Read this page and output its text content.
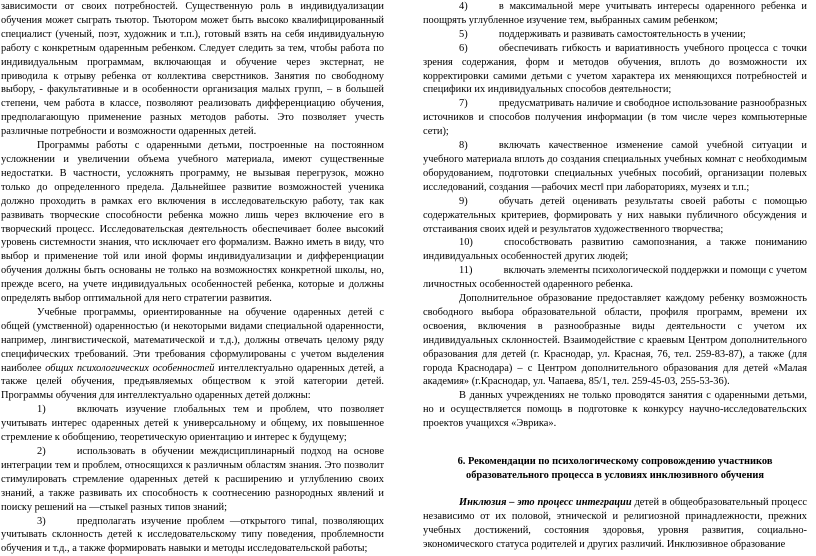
зависимости от своих потребностей. Существенную роль в индивидуализации обучения может сыграть тьютор. Тьютором может быть высоко квалифицированный специалист (ученый, поэт, художник и т.п.), готовый взять на себя индивидуальную работу с конкретным одаренным ребенком. Следует следить за тем, чтобы работа по индивидуальным программам, включающая и обучение через экстернат, не приводила к отрыву ребенка от коллектива сверстников. Занятия по свободному выбору, - факультативные и в особенности организация малых групп, – в большей степени, чем работа в классе, позволяют реализовать дифференциацию обучения, предполагающую применение разных методов работы. Это позволяет учесть различные потребности и возможности одаренных детей.

Программы работы с одаренными детьми, построенные на постоянном усложнении и увеличении объема учебного материала, имеют существенные недостатки. В частности, усложнять программу, не вызывая перегрузок, можно только до определенного предела. Дальнейшее развитие возможностей ученика должно проходить в рамках его включения в исследовательскую работу, так как развивать творческие способности ребенка можно лишь через включение его в творческий процесс. Исследовательская деятельность обеспечивает более высокий уровень системности знания, что исключает его формализм. Важно иметь в виду, что выбор и применение той или иной формы индивидуализации и дифференциации обучения должны быть основаны не только на возможностях конкретной школы, но, прежде всего, на учете индивидуальных особенностей ребенка, которые и должны определять выбор оптимальной для него стратегии развития.

Учебные программы, ориентированные на обучение одаренных детей с общей (умственной) одаренностью (и некоторыми видами специальной одаренности, например, лингвистической, математической и т.д.), должны отвечать целому ряду специфических требований. Эти требования сформулированы с учетом выделения наиболее общих психологических особенностей интеллектуально одаренных детей, а также целей обучения, предъявляемых обществом к этой категории детей. Программы обучения для интеллектуально одаренных детей должны:

1)   	включать изучение глобальных тем и проблем, что позволяет учитывать интерес одаренных детей к универсальному и общему, их повышенное стремление к обобщению, теоретическую ориентацию и интерес к будущему;

2)   	использовать в обучении междисциплинарный подход на основе интеграции тем и проблем, относящихся к различным областям знания. Это позволит стимулировать стремление одаренных детей к расширению и углублению своих знаний, а также развивать их способность к соотнесению разнородных явлений и поиску решений на ―стыке‖ разных типов знаний;

3)   	предполагать изучение проблем ―открытого типа‖, позволяющих учитывать склонность детей к исследовательскому типу поведения, проблемности обучения и т.д., а также формировать навыки и методы исследовательской работы;

4)   	в максимальной мере учитывать интересы одаренного ребенка и поощрять углубленное изучение тем, выбранных самим ребенком;

5)   	поддерживать и развивать самостоятельность в учении;

6)   	обеспечивать гибкость и вариативность учебного процесса с точки зрения содержания, форм и методов обучения, вплоть до возможности их корректировки самими детьми с учетом характера их меняющихся потребностей и специфики их индивидуальных способов деятельности;

7)   	предусматривать наличие и свободное использование разнообразных источников и способов получения информации (в том числе через компьютерные сети);

8)   	включать качественное изменение самой учебной ситуации и учебного материала вплоть до создания специальных учебных комнат с необходимым оборудованием, подготовки специальных учебных пособий, организации полевых исследований, создания ―рабочих мест‖ при лабораториях, музеях и т.п.;

9)   	обучать детей оценивать результаты своей работы с помощью содержательных критериев, формировать у них навыки публичного обсуждения и отстаивания своих идей и результатов художественного творчества;

10)   	способствовать развитию самопознания, а также пониманию индивидуальных особенностей других людей;

11)   	включать элементы психологической поддержки и помощи с учетом личностных особенностей одаренного ребенка.

Дополнительное образование предоставляет каждому ребенку возможность свободного выбора образовательной области, профиля программ, времени их освоения, включения в разнообразные виды деятельности с учетом их индивидуальных склонностей. Взаимодействие с краевым Центром дополнительного образования для детей (г. Краснодар, ул. Красная, 76, тел. 259-83-87), а также (для города Краснодара) – с Центром дополнительного образования для детей «Малая академия» (г.Краснодар, ул. Чапаева, 85/1, тел. 259-45-03, 255-53-36).

В данных учреждениях не только проводятся занятия с одаренными детьми, но и осуществляется помощь в подготовке к конкурсу научно-исследовательских проектов учащихся «Эврика».

6. Рекомендации по психологическому сопровождению участников

образовательного процесса в условиях инклюзивного обучения

Инклюзия – это процесс интеграции детей в общеобразовательный процесс независимо от их половой, этнической и религиозной принадлежности, прежних учебных достижений, состояния здоровья, уровня развития, социально-экономического статуса родителей и других различий. Инклюзивное образование
